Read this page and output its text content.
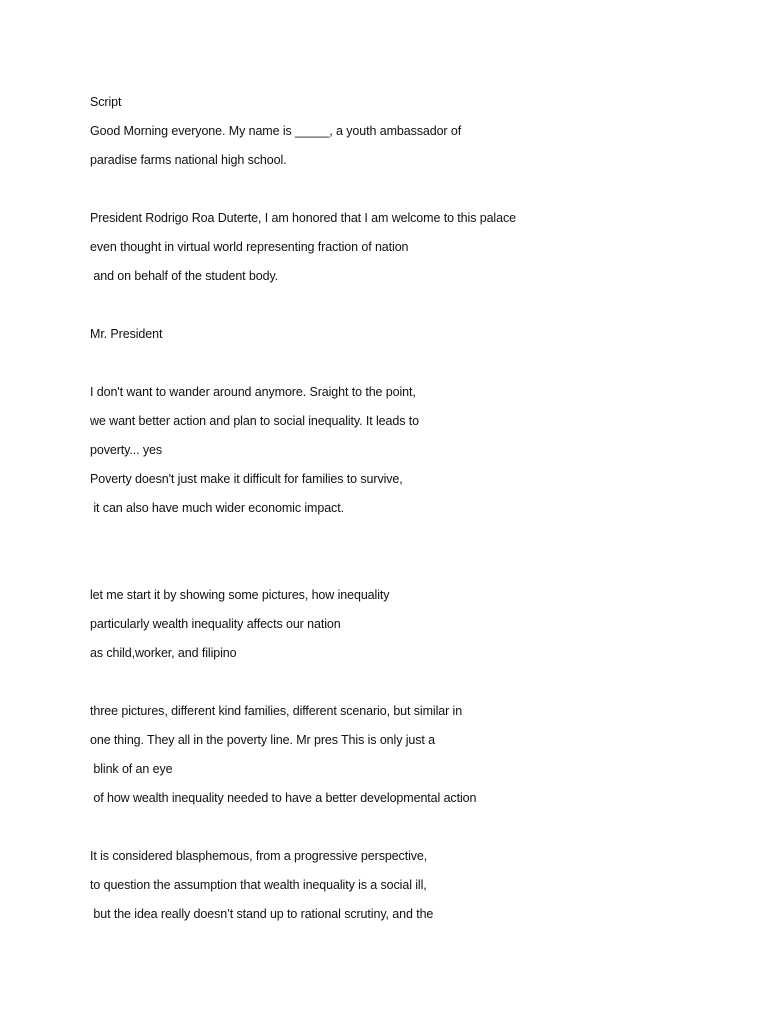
Script
Good Morning everyone. My name is _____, a youth ambassador of
paradise farms national high school.
President Rodrigo Roa Duterte, I am honored that I am welcome to this palace
even thought in virtual world representing fraction of nation
and on behalf of the student body.
Mr. President
I don't want to wander around anymore. Sraight to the point,
we want better action and plan to social inequality. It leads to
poverty... yes
Poverty doesn't just make it difficult for families to survive,
it can also have much wider economic impact.
let me start it by showing some pictures, how inequality
particularly wealth inequality affects our nation
as child,worker, and filipino
three pictures, different kind families, different scenario, but similar in
one thing. They all in the poverty line. Mr pres This is only just a
blink of an eye
of how wealth inequality needed to have a better developmental action
It is considered blasphemous, from a progressive perspective,
to question the assumption that wealth inequality is a social ill,
but the idea really doesn’t stand up to rational scrutiny, and the
